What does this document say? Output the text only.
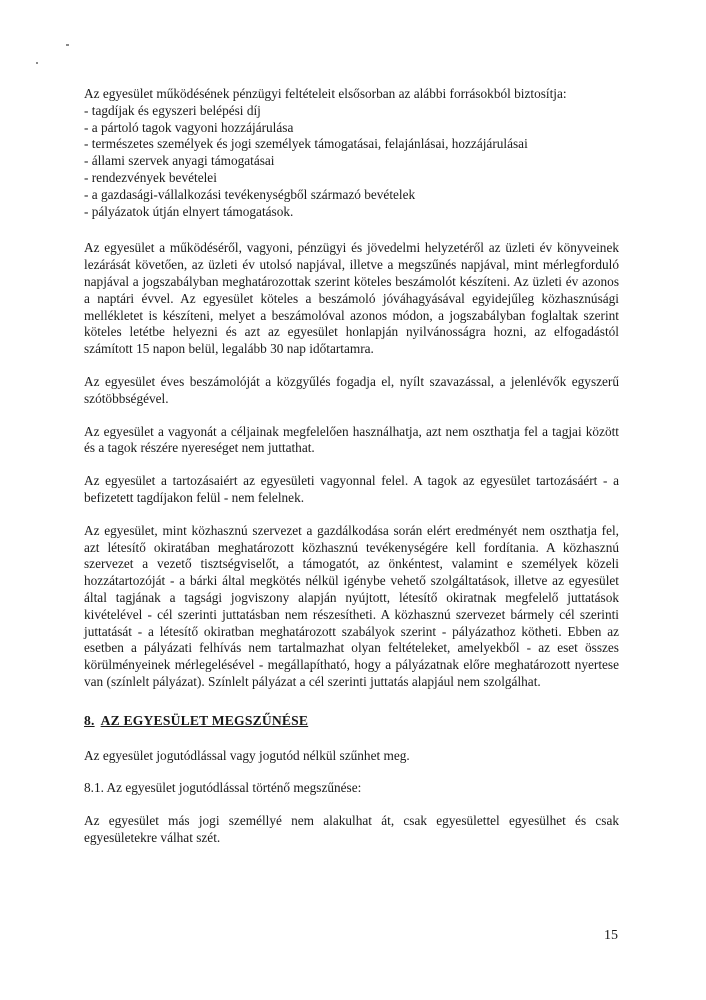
Az egyesület működésének pénzügyi feltételeit elsősorban az alábbi forrásokból biztosítja:

- tagdíjak és egyszeri belépési díj
- a pártoló tagok vagyoni hozzájárulása
- természetes személyek és jogi személyek támogatásai, felajánlásai, hozzájárulásai
- állami szervek anyagi támogatásai
- rendezvények bevételei
- a gazdasági-vállalkozási tevékenységből származó bevételek
- pályázatok útján elnyert támogatások.

Az egyesület a működéséről, vagyoni, pénzügyi és jövedelmi helyzetéről az üzleti év könyveinek lezárását követően, az üzleti év utolsó napjával, illetve a megszűnés napjával, mint mérlegforduló napjával a jogszabályban meghatározottak szerint köteles beszámolót készíteni. Az üzleti év azonos a naptári évvel. Az egyesület köteles a beszámoló jóváhagyásával egyidejűleg közhasznúsági mellékletet is készíteni, melyet a beszámolóval azonos módon, a jogszabályban foglaltak szerint köteles letétbe helyezni és azt az egyesület honlapján nyilvánosságra hozni, az elfogadástól számított 15 napon belül, legalább 30 nap időtartamra.

Az egyesület éves beszámolóját a közgyűlés fogadja el, nyílt szavazással, a jelenlévők egyszerű szótöbbségével.

Az egyesület a vagyonát a céljainak megfelelően használhatja, azt nem oszthatja fel a tagjai között és a tagok részére nyereséget nem juttathat.

Az egyesület a tartozásaiért az egyesületi vagyonnal felel. A tagok az egyesület tartozásáért - a befizetett tagdíjakon felül - nem felelnek.

Az egyesület, mint közhasznú szervezet a gazdálkodása során elért eredményét nem oszthatja fel, azt létesítő okiratában meghatározott közhasznú tevékenységére kell fordítania. A közhasznú szervezet a vezető tisztségviselőt, a támogatót, az önkéntest, valamint e személyek közeli hozzátartozóját - a bárki által megkötés nélkül igénybe vehető szolgáltatások, illetve az egyesület által tagjának a tagsági jogviszony alapján nyújtott, létesítő okiratnak megfelelő juttatások kivételével - cél szerinti juttatásban nem részesítheti. A közhasznú szervezet bármely cél szerinti juttatását - a létesítő okiratban meghatározott szabályok szerint - pályázathoz kötheti. Ebben az esetben a pályázati felhívás nem tartalmazhat olyan feltételeket, amelyekből - az eset összes körülményeinek mérlegelésével - megállapítható, hogy a pályázatnak előre meghatározott nyertese van (színlelt pályázat). Színlelt pályázat a cél szerinti juttatás alapjául nem szolgálhat.

8. AZ EGYESÜLET MEGSZŰNÉSE

Az egyesület jogutódlással vagy jogutód nélkül szűnhet meg.

8.1. Az egyesület jogutódlással történő megszűnése:

Az egyesület más jogi személlyé nem alakulhat át, csak egyesülettel egyesülhet és csak egyesületekre válhat szét.

15
